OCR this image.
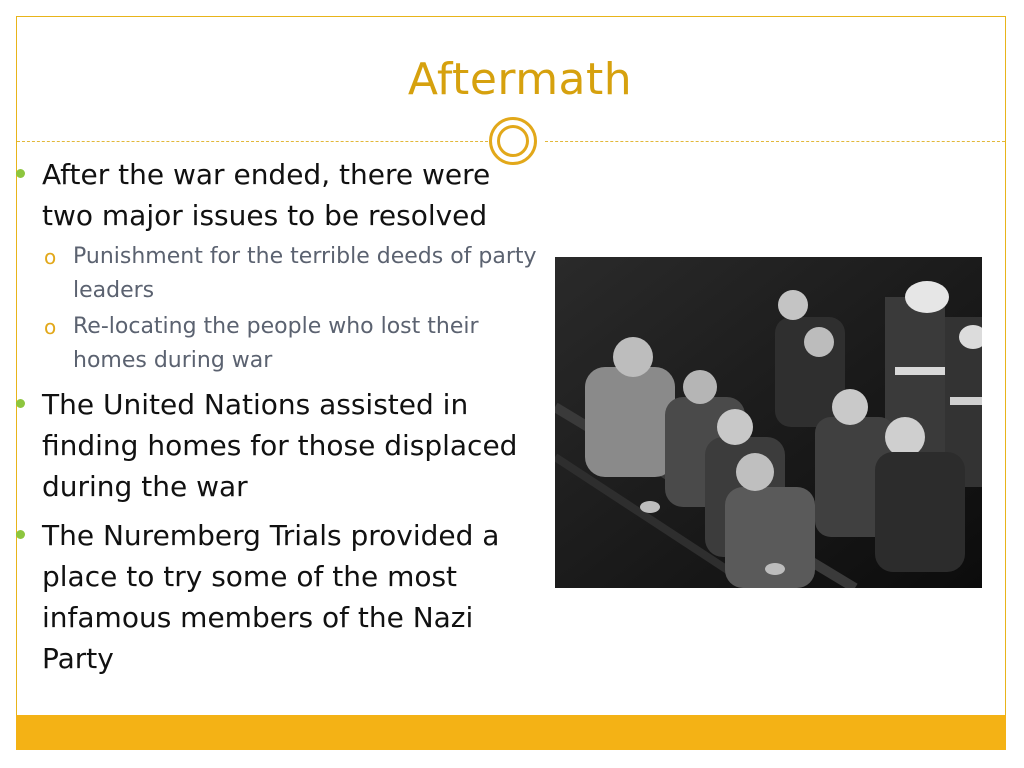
Aftermath
After the war ended, there were two major issues to be resolved
o Punishment for the terrible deeds of party leaders
o Re-locating the people who lost their homes during war
The United Nations assisted in finding homes for those displaced during the war
The Nuremberg Trials provided a place to try some of the most infamous members of the Nazi Party
